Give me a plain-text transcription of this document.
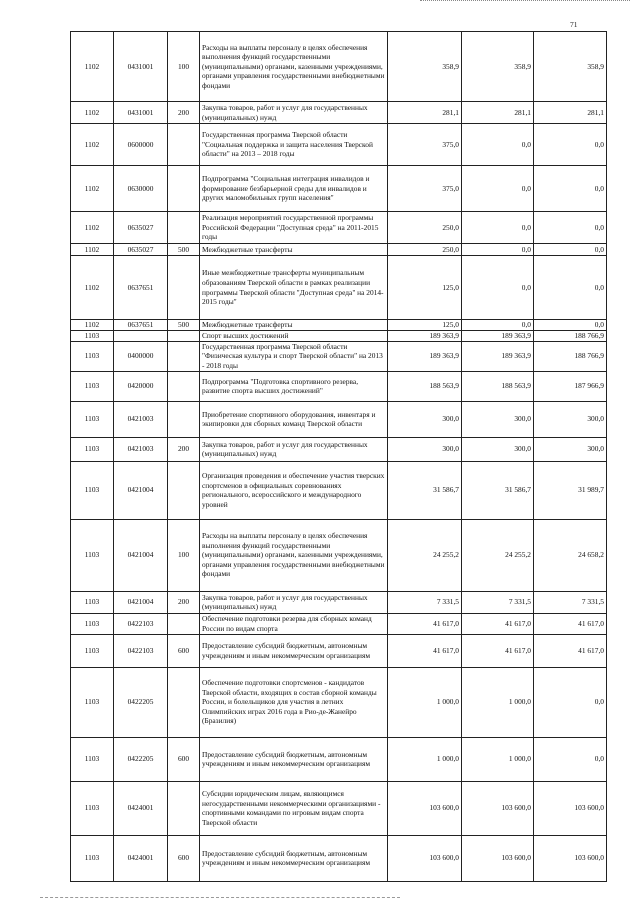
71
1102	0431001	100	Расходы на выплаты персоналу в целях обеспечения выполнения функций государственными (муниципальными) органами, казенными учреждениями, органами управления государственными внебюджетными фондами	358,9	358,9	358,9
1102	0431001	200	Закупка товаров, работ и услуг для государственных (муниципальных) нужд	281,1	281,1	281,1
1102	0600000		Государственная программа Тверской области "Социальная поддержка и защита населения Тверской области" на 2013 – 2018 годы	375,0	0,0	0,0
1102	0630000		Подпрограмма "Социальная интеграция инвалидов и формирование безбарьерной среды для инвалидов и других маломобильных групп населения"	375,0	0,0	0,0
1102	0635027		Реализация мероприятий государственной программы Российской Федерации "Доступная среда" на 2011-2015 годы	250,0	0,0	0,0
1102	0635027	500	Межбюджетные трансферты	250,0	0,0	0,0
1102	0637651		Иные межбюджетные трансферты муниципальным образованиям Тверской области в рамках реализации программы Тверской области "Доступная среда" на 2014-2015 годы"	125,0	0,0	0,0
1102	0637651	500	Межбюджетные трансферты	125,0	0,0	0,0
1103			Спорт высших достижений	189 363,9	189 363,9	188 766,9
1103	0400000		Государственная программа Тверской области "Физическая культура и спорт Тверской области" на 2013 - 2018 годы	189 363,9	189 363,9	188 766,9
1103	0420000		Подпрограмма "Подготовка спортивного резерва, развитие спорта высших достижений"	188 563,9	188 563,9	187 966,9
1103	0421003		Приобретение спортивного оборудования, инвентаря и экипировки для сборных команд Тверской области	300,0	300,0	300,0
1103	0421003	200	Закупка товаров, работ и услуг для государственных (муниципальных) нужд	300,0	300,0	300,0
1103	0421004		Организация проведения и обеспечение участия тверских спортсменов в официальных соревнованиях регионального, всероссийского и международного уровней	31 586,7	31 586,7	31 989,7
1103	0421004	100	Расходы на выплаты персоналу в целях обеспечения выполнения функций государственными (муниципальными) органами, казенными учреждениями, органами управления государственными внебюджетными фондами	24 255,2	24 255,2	24 658,2
1103	0421004	200	Закупка товаров, работ и услуг для государственных (муниципальных) нужд	7 331,5	7 331,5	7 331,5
1103	0422103		Обеспечение подготовки резерва для сборных команд России по видам спорта	41 617,0	41 617,0	41 617,0
1103	0422103	600	Предоставление субсидий бюджетным, автономным учреждениям и иным некоммерческим организациям	41 617,0	41 617,0	41 617,0
1103	0422205		Обеспечение подготовки спортсменов - кандидатов Тверской области, входящих в состав сборной команды России, и болельщиков для участия в летних Олимпийских играх 2016 года в Рио-де-Жанейро (Бразилия)	1 000,0	1 000,0	0,0
1103	0422205	600	Предоставление субсидий бюджетным, автономным учреждениям и иным некоммерческим организациям	1 000,0	1 000,0	0,0
1103	0424001		Субсидии юридическим лицам, являющимся негосударственными некоммерческими организациями - спортивными командами по игровым видам спорта Тверской области	103 600,0	103 600,0	103 600,0
1103	0424001	600	Предоставление субсидий бюджетным, автономным учреждениям и иным некоммерческим организациям	103 600,0	103 600,0	103 600,0
